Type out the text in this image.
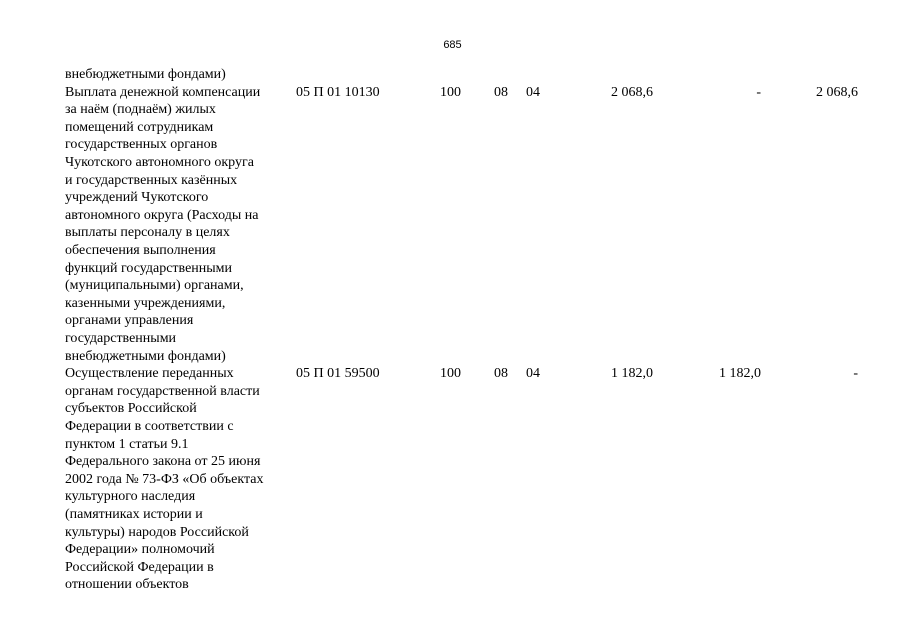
685
внебюджетными фондами)
Выплата денежной компенсации
за наём (поднаём) жилых
помещений сотрудникам
государственных органов
Чукотского автономного округа
и государственных казённых
учреждений Чукотского
автономного округа (Расходы на
выплаты персоналу в целях
обеспечения выполнения
функций государственными
(муниципальными) органами,
казенными учреждениями,
органами управления
государственными
внебюджетными фондами)
05 П 01 10130	100 08 04	2 068,6	-	2 068,6
Осуществление переданных
органам государственной власти
субъектов Российской
Федерации в соответствии с
пунктом 1 статьи 9.1
Федерального закона от 25 июня
2002 года № 73-ФЗ «Об объектах
культурного наследия
(памятниках истории и
культуры) народов Российской
Федерации» полномочий
Российской Федерации в
отношении объектов
05 П 01 59500	100 08 04	1 182,0	1 182,0	-
